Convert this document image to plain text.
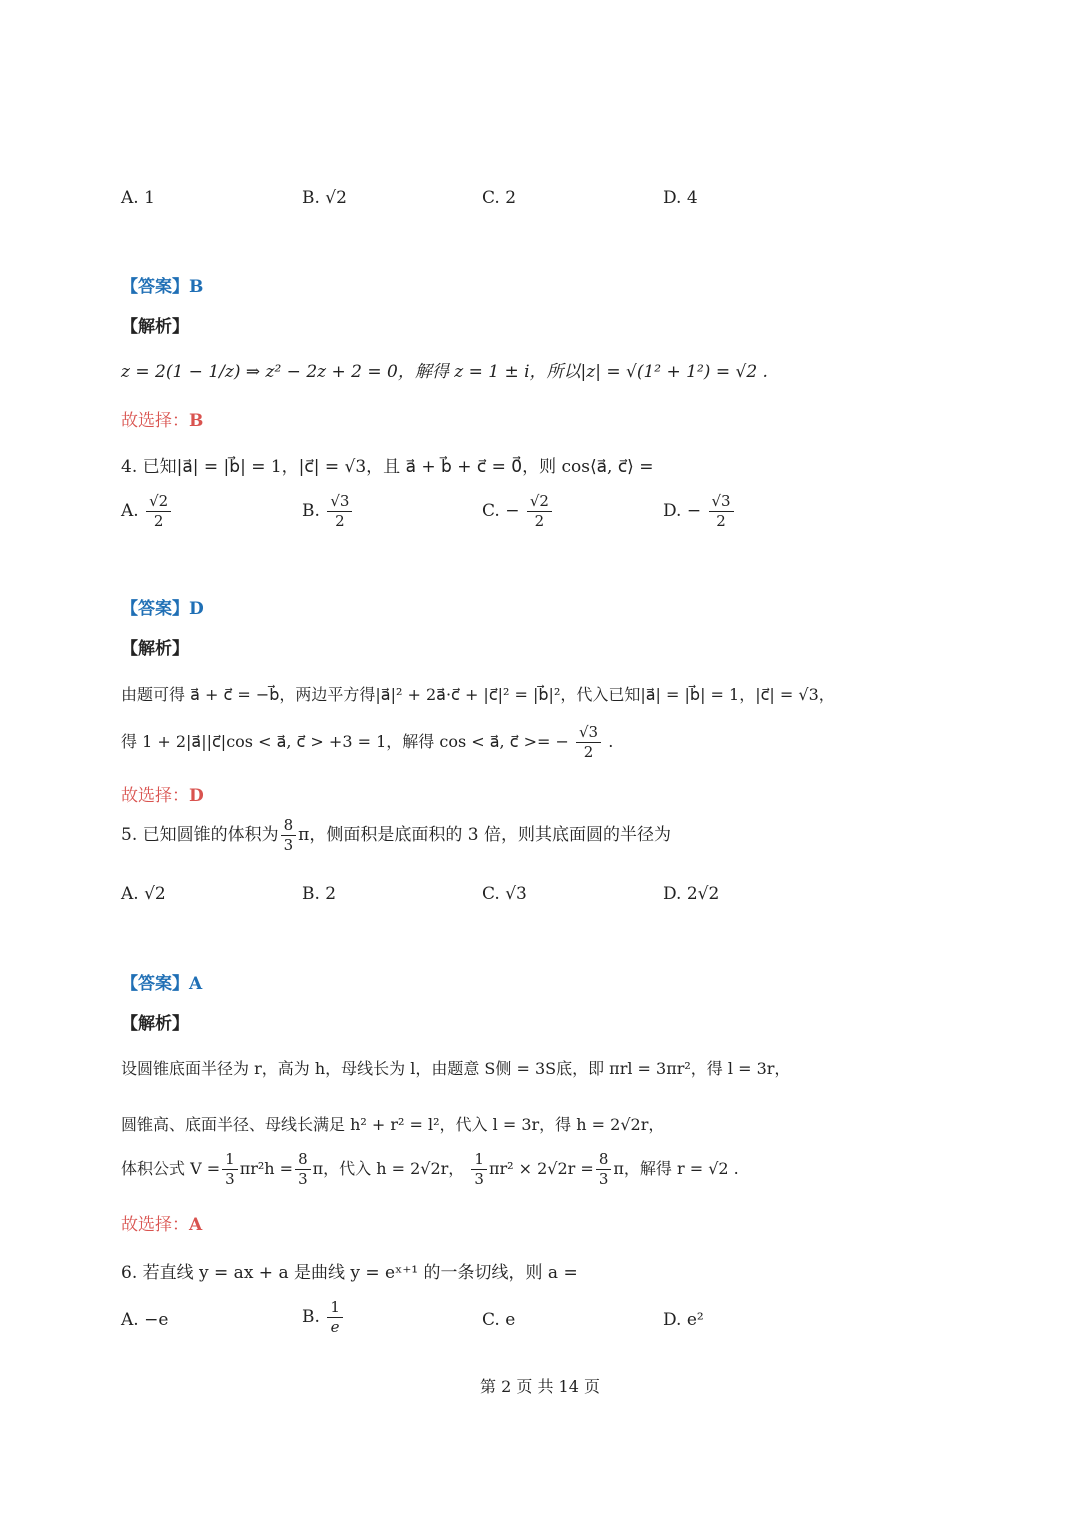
A. 1	B. √2	C. 2	D. 4
【答案】B
【解析】
z = 2(1 − 1/z) ⇒ z² − 2z + 2 = 0，解得 z = 1 ± i，所以|z| = √(1² + 1²) = √2 .
故选择：B
4. 已知|a⃗| = |b⃗| = 1，|c⃗| = √3，且 a⃗ + b⃗ + c⃗ = 0⃗，则 cos⟨a⃗, c⃗⟩ =
A. $\frac{√2}{2}$	B. $\frac{√3}{2}$	C. − $\frac{√2}{2}$	D. − $\frac{√3}{2}$
【答案】D
【解析】
由题可得 a⃗ + c⃗ = −b⃗，两边平方得|a⃗|² + 2a⃗·c⃗ + |c⃗|² = |b⃗|²，代入已知|a⃗| = |b⃗| = 1，|c⃗| = √3，
得 1 + 2|a⃗||c⃗|cos < a⃗, c⃗ > +3 = 1，解得 cos < a⃗, c⃗ >= − $\frac{√3}{2}$ .
故选择：D
5. 已知圆锥的体积为 $\frac{8}{3}$ π，侧面积是底面积的 3 倍，则其底面圆的半径为
A. √2	B. 2	C. √3	D. 2√2
【答案】A
【解析】
设圆锥底面半径为 r，高为 h，母线长为 l，由题意 S侧 = 3S底，即 πrl = 3πr²，得 l = 3r，
圆锥高、底面半径、母线长满足 h² + r² = l²，代入 l = 3r，得 h = 2√2r，
体积公式 $V = \frac{1}{3} \pi r^2h = \frac{8}{3}$ π，代入 h = 2√2r， $\frac{1}{3} \pi r^2 \times 2√2r = \frac{8}{3}$ π，解得 r = √2 .
故选择：A
6. 若直线 y = ax + a 是曲线 y = eˣ⁺¹ 的一条切线，则 a =
A. −e	B. $\frac{1}{e}$	C. e	D. e²
第 2 页 共 14 页
